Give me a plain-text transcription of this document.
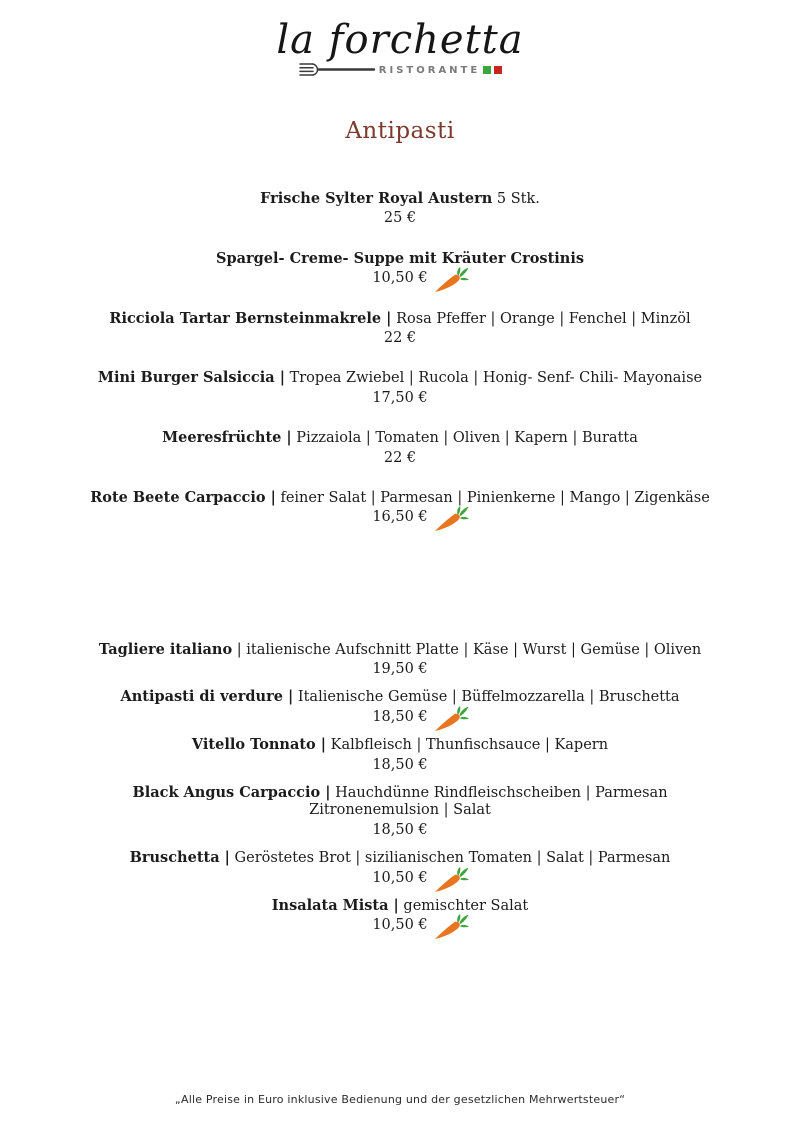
la forchetta
RISTORANTE
Antipasti
Frische Sylter Royal Austern 5 Stk.
25 €
Spargel- Creme- Suppe mit Kräuter Crostinis
10,50 €
Ricciola Tartar Bernsteinmakrele | Rosa Pfeffer | Orange | Fenchel | Minzöl
22 €
Mini Burger Salsiccia | Tropea Zwiebel | Rucola | Honig- Senf- Chili- Mayonaise
17,50 €
Meeresfrüchte | Pizzaiola | Tomaten | Oliven | Kapern | Buratta
22 €
Rote Beete Carpaccio | feiner Salat | Parmesan | Pinienkerne | Mango | Zigenkäse
16,50 €
Tagliere italiano | italienische Aufschnitt Platte | Käse | Wurst | Gemüse | Oliven
19,50 €
Antipasti di verdure | Italienische Gemüse | Büffelmozzarella | Bruschetta
18,50 €
Vitello Tonnato | Kalbfleisch | Thunfischsauce | Kapern
18,50 €
Black Angus Carpaccio | Hauchdünne Rindfleischscheiben | Parmesan
Zitronenemulsion | Salat
18,50 €
Bruschetta | Geröstetes Brot | sizilianischen Tomaten | Salat | Parmesan
10,50 €
Insalata Mista | gemischter Salat
10,50 €
„Alle Preise in Euro inklusive Bedienung und der gesetzlichen Mehrwertsteuer“
